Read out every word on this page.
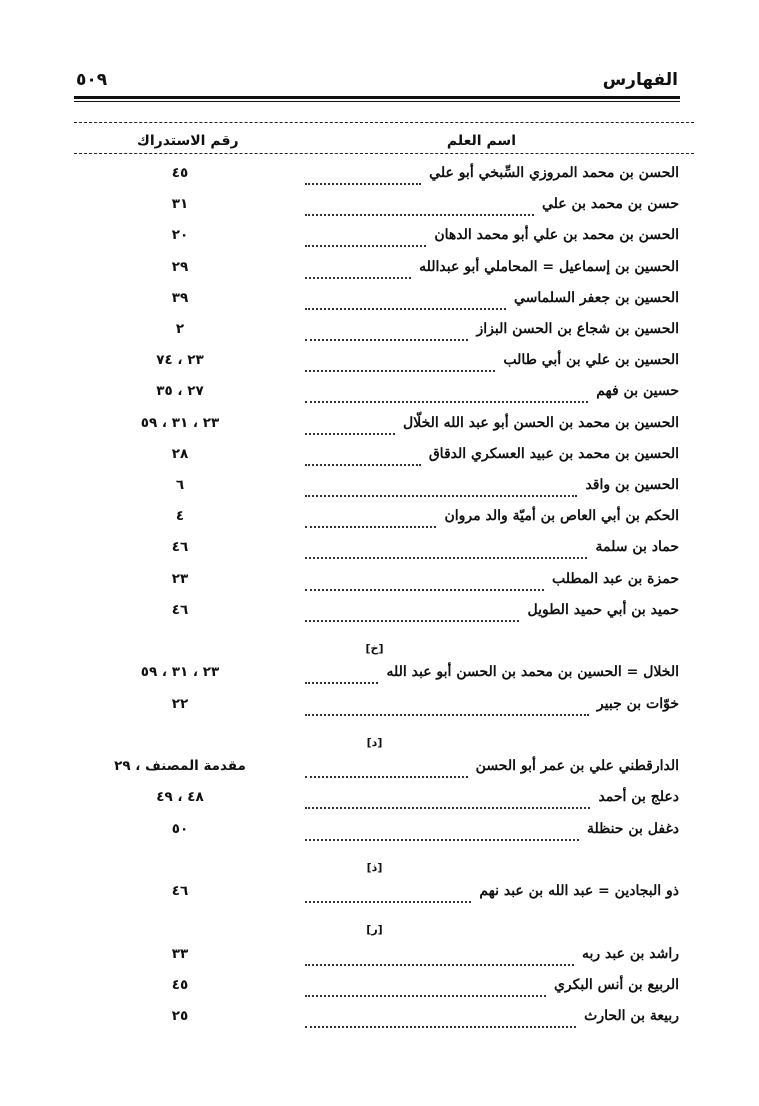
الفهارس
٥٠٩
اسم العلم
رقم الاستدراك
الحسن بن محمد المروزي السِّبخي أبو علي
٤٥
حسن بن محمد بن علي
٣١
الحسن بن محمد بن علي أبو محمد الدهان
٢٠
الحسين بن إسماعيل = المحاملي أبو عبدالله
٢٩
الحسين بن جعفر السلماسي
٣٩
الحسين بن شجاع بن الحسن البزاز
٢
الحسين بن علي بن أبي طالب
٢٣ ، ٧٤
حسين بن فهم
٢٧ ، ٣٥
الحسين بن محمد بن الحسن أبو عبد الله الخلّال
٢٣ ، ٣١ ، ٥٩
الحسين بن محمد بن عبيد العسكري الدقاق
٢٨
الحسين بن واقد
٦
الحكم بن أبي العاص بن أميّة والد مروان
٤
حماد بن سلمة
٤٦
حمزة بن عبد المطلب
٢٣
حميد بن أبي حميد الطويل
٤٦
[خ]
الخلال = الحسين بن محمد بن الحسن أبو عبد الله
٢٣ ، ٣١ ، ٥٩
خوّات بن جبير
٢٢
[د]
الدارقطني علي بن عمر أبو الحسن
مقدمة المصنف ، ٢٩
دعلج بن أحمد
٤٨ ، ٤٩
دغفل بن حنظلة
٥٠
[ذ]
ذو البجادين = عبد الله بن عبد نهم
٤٦
[ر]
راشد بن عبد ربه
٣٣
الربيع بن أنس البكري
٤٥
ربيعة بن الحارث
٢٥
